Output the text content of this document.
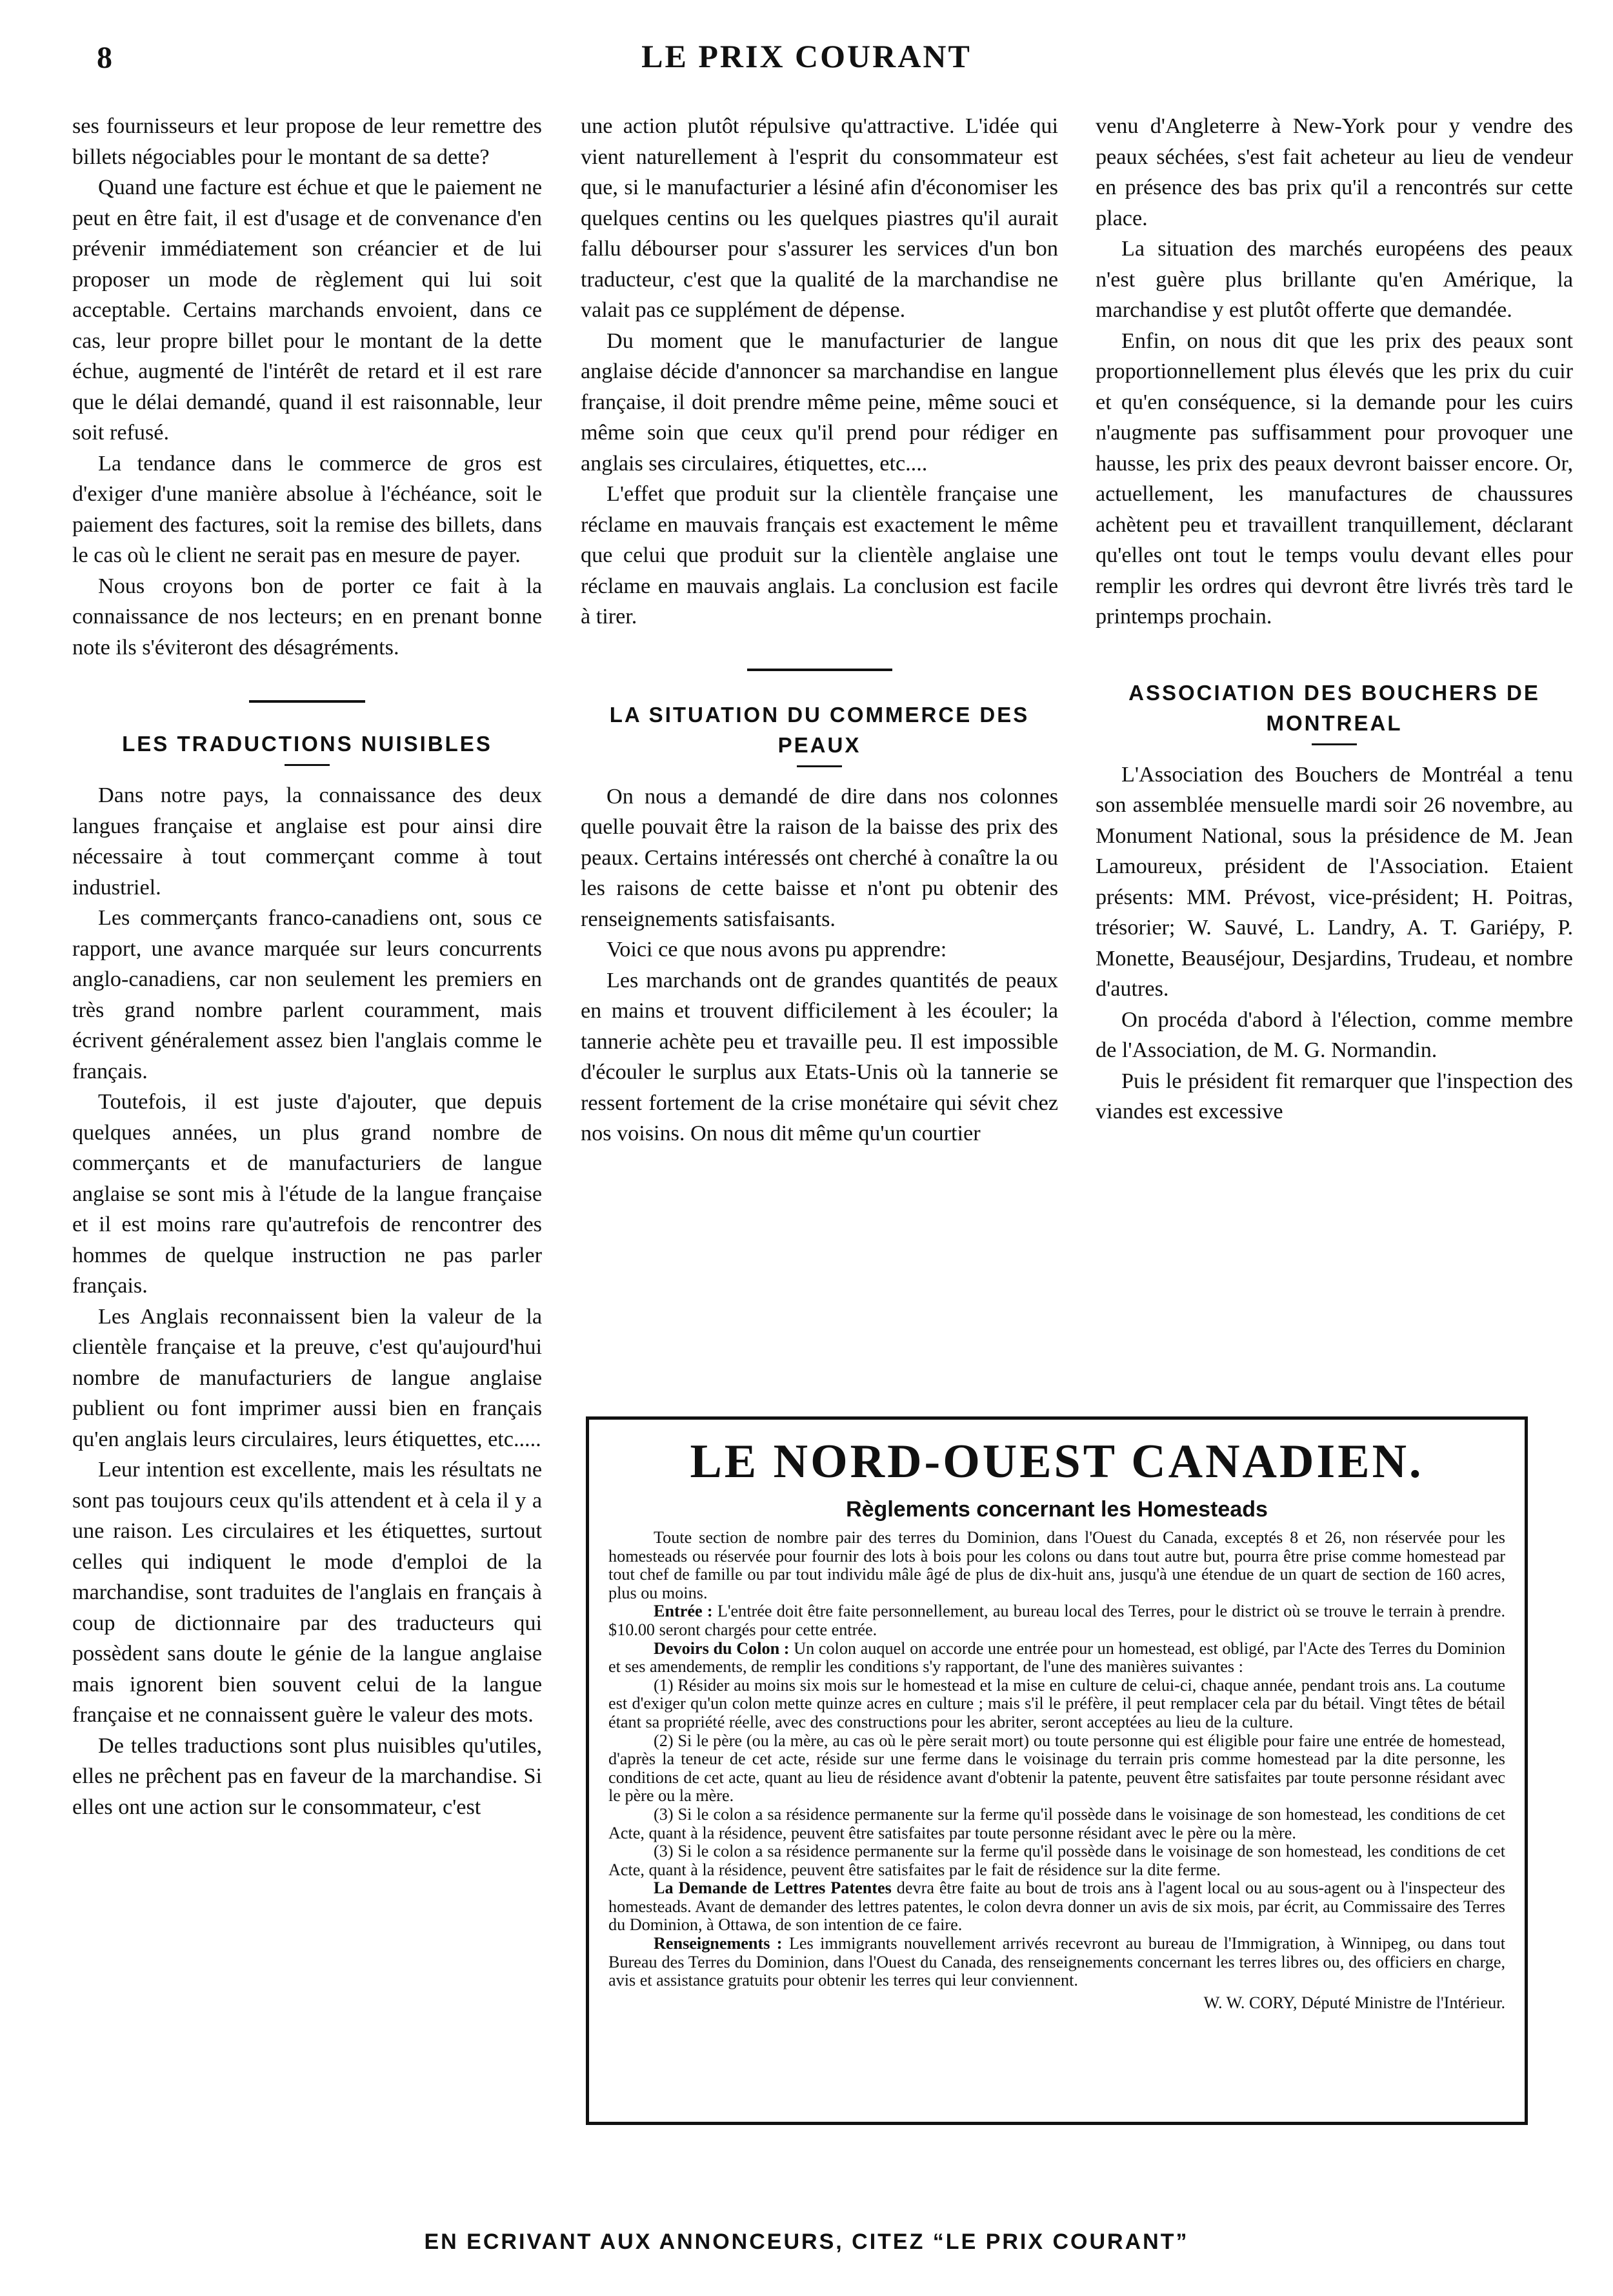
8	LE PRIX COURANT

ses fournisseurs et leur propose de leur remettre des billets négociables pour le montant de sa dette?

Quand une facture est échue et que le paiement ne peut en être fait, il est d'usage et de convenance d'en prévenir immédiatement son créancier et de lui proposer un mode de règlement qui lui soit acceptable. Certains marchands envoient, dans ce cas, leur propre billet pour le montant de la dette échue, augmenté de l'intérêt de retard et il est rare que le délai demandé, quand il est raisonnable, leur soit refusé.

La tendance dans le commerce de gros est d'exiger d'une manière absolue à l'échéance, soit le paiement des factures, soit la remise des billets, dans le cas où le client ne serait pas en mesure de payer.

Nous croyons bon de porter ce fait à la connaissance de nos lecteurs; en en prenant bonne note ils s'éviteront des désagréments.

LES TRADUCTIONS NUISIBLES

Dans notre pays, la connaissance des deux langues française et anglaise est pour ainsi dire nécessaire à tout commerçant comme à tout industriel.

Les commerçants franco-canadiens ont, sous ce rapport, une avance marquée sur leurs concurrents anglo-canadiens, car non seulement les premiers en très grand nombre parlent couramment, mais écrivent généralement assez bien l'anglais comme le français.

Toutefois, il est juste d'ajouter, que depuis quelques années, un plus grand nombre de commerçants et de manufacturiers de langue anglaise se sont mis à l'étude de la langue française et il est moins rare qu'autrefois de rencontrer des hommes de quelque instruction ne pas parler français.

Les Anglais reconnaissent bien la valeur de la clientèle française et la preuve, c'est qu'aujourd'hui nombre de manufacturiers de langue anglaise publient ou font imprimer aussi bien en français qu'en anglais leurs circulaires, leurs étiquettes, etc.....

Leur intention est excellente, mais les résultats ne sont pas toujours ceux qu'ils attendent et à cela il y a une raison. Les circulaires et les étiquettes, surtout celles qui indiquent le mode d'emploi de la marchandise, sont traduites de l'anglais en français à coup de dictionnaire par des traducteurs qui possèdent sans doute le génie de la langue anglaise mais ignorent bien souvent celui de la langue française et ne connaissent guère le valeur des mots.

De telles traductions sont plus nuisibles qu'utiles, elles ne prêchent pas en faveur de la marchandise. Si elles ont une action sur le consommateur, c'est

une action plutôt répulsive qu'attractive. L'idée qui vient naturellement à l'esprit du consommateur est que, si le manufacturier a lésiné afin d'économiser les quelques centins ou les quelques piastres qu'il aurait fallu débourser pour s'assurer les services d'un bon traducteur, c'est que la qualité de la marchandise ne valait pas ce supplément de dépense.

Du moment que le manufacturier de langue anglaise décide d'annoncer sa marchandise en langue française, il doit prendre même peine, même souci et même soin que ceux qu'il prend pour rédiger en anglais ses circulaires, étiquettes, etc....

L'effet que produit sur la clientèle française une réclame en mauvais français est exactement le même que celui que produit sur la clientèle anglaise une réclame en mauvais anglais. La conclusion est facile à tirer.

LA SITUATION DU COMMERCE DES PEAUX

On nous a demandé de dire dans nos colonnes quelle pouvait être la raison de la baisse des prix des peaux. Certains intéressés ont cherché à conaître la ou les raisons de cette baisse et n'ont pu obtenir des renseignements satisfaisants.

Voici ce que nous avons pu apprendre:

Les marchands ont de grandes quantités de peaux en mains et trouvent difficilement à les écouler; la tannerie achète peu et travaille peu. Il est impossible d'écouler le surplus aux Etats-Unis où la tannerie se ressent fortement de la crise monétaire qui sévit chez nos voisins. On nous dit même qu'un courtier

venu d'Angleterre à New-York pour y vendre des peaux séchées, s'est fait acheteur au lieu de vendeur en présence des bas prix qu'il a rencontrés sur cette place.

La situation des marchés européens des peaux n'est guère plus brillante qu'en Amérique, la marchandise y est plutôt offerte que demandée.

Enfin, on nous dit que les prix des peaux sont proportionnellement plus élevés que les prix du cuir et qu'en conséquence, si la demande pour les cuirs n'augmente pas suffisamment pour provoquer une hausse, les prix des peaux devront baisser encore. Or, actuellement, les manufactures de chaussures achètent peu et travaillent tranquillement, déclarant qu'elles ont tout le temps voulu devant elles pour remplir les ordres qui devront être livrés très tard le printemps prochain.

ASSOCIATION DES BOUCHERS DE MONTREAL

L'Association des Bouchers de Montréal a tenu son assemblée mensuelle mardi soir 26 novembre, au Monument National, sous la présidence de M. Jean Lamoureux, président de l'Association. Etaient présents: MM. Prévost, vice-président; H. Poitras, trésorier; W. Sauvé, L. Landry, A. T. Gariépy, P. Monette, Beauséjour, Desjardins, Trudeau, et nombre d'autres.

On procéda d'abord à l'élection, comme membre de l'Association, de M. G. Normandin.

Puis le président fit remarquer que l'inspection des viandes est excessive

LE NORD-OUEST CANADIEN.
Règlements concernant les Homesteads

Toute section de nombre pair des terres du Dominion, dans l'Ouest du Canada, exceptés 8 et 26, non réservée pour les homesteads ou réservée pour fournir des lots à bois pour les colons ou dans tout autre but, pourra être prise comme homestead par tout chef de famille ou par tout individu mâle âgé de plus de dix-huit ans, jusqu'à une étendue de un quart de section de 160 acres, plus ou moins.

Entrée : L'entrée doit être faite personnellement, au bureau local des Terres, pour le district où se trouve le terrain à prendre. $10.00 seront chargés pour cette entrée.

Devoirs du Colon : Un colon auquel on accorde une entrée pour un homestead, est obligé, par l'Acte des Terres du Dominion et ses amendements, de remplir les conditions s'y rapportant, de l'une des manières suivantes :

(1) Résider au moins six mois sur le homestead et la mise en culture de celui-ci, chaque année, pendant trois ans. La coutume est d'exiger qu'un colon mette quinze acres en culture ; mais s'il le préfère, il peut remplacer cela par du bétail. Vingt têtes de bétail étant sa propriété réelle, avec des constructions pour les abriter, seront acceptées au lieu de la culture.

(2) Si le père (ou la mère, au cas où le père serait mort) ou toute personne qui est éligible pour faire une entrée de homestead, d'après la teneur de cet acte, réside sur une ferme dans le voisinage du terrain pris comme homestead par la dite personne, les conditions de cet acte, quant au lieu de résidence avant d'obtenir la patente, peuvent être satisfaites par toute personne résidant avec le père ou la mère.

(3) Si le colon a sa résidence permanente sur la ferme qu'il possède dans le voisinage de son homestead, les conditions de cet Acte, quant à la résidence, peuvent être satisfaites par toute personne résidant avec le père ou la mère.

(3) Si le colon a sa résidence permanente sur la ferme qu'il possède dans le voisinage de son homestead, les conditions de cet Acte, quant à la résidence, peuvent être satisfaites par le fait de résidence sur la dite ferme.

La Demande de Lettres Patentes devra être faite au bout de trois ans à l'agent local ou au sous-agent ou à l'inspecteur des homesteads. Avant de demander des lettres patentes, le colon devra donner un avis de six mois, par écrit, au Commissaire des Terres du Dominion, à Ottawa, de son intention de ce faire.

Renseignements : Les immigrants nouvellement arrivés recevront au bureau de l'Immigration, à Winnipeg, ou dans tout Bureau des Terres du Dominion, dans l'Ouest du Canada, des renseignements concernant les terres libres ou, des officiers en charge, avis et assistance gratuits pour obtenir les terres qui leur conviennent.

W. W. CORY, Député Ministre de l'Intérieur.

EN ECRIVANT AUX ANNONCEURS, CITEZ “LE PRIX COURANT”
